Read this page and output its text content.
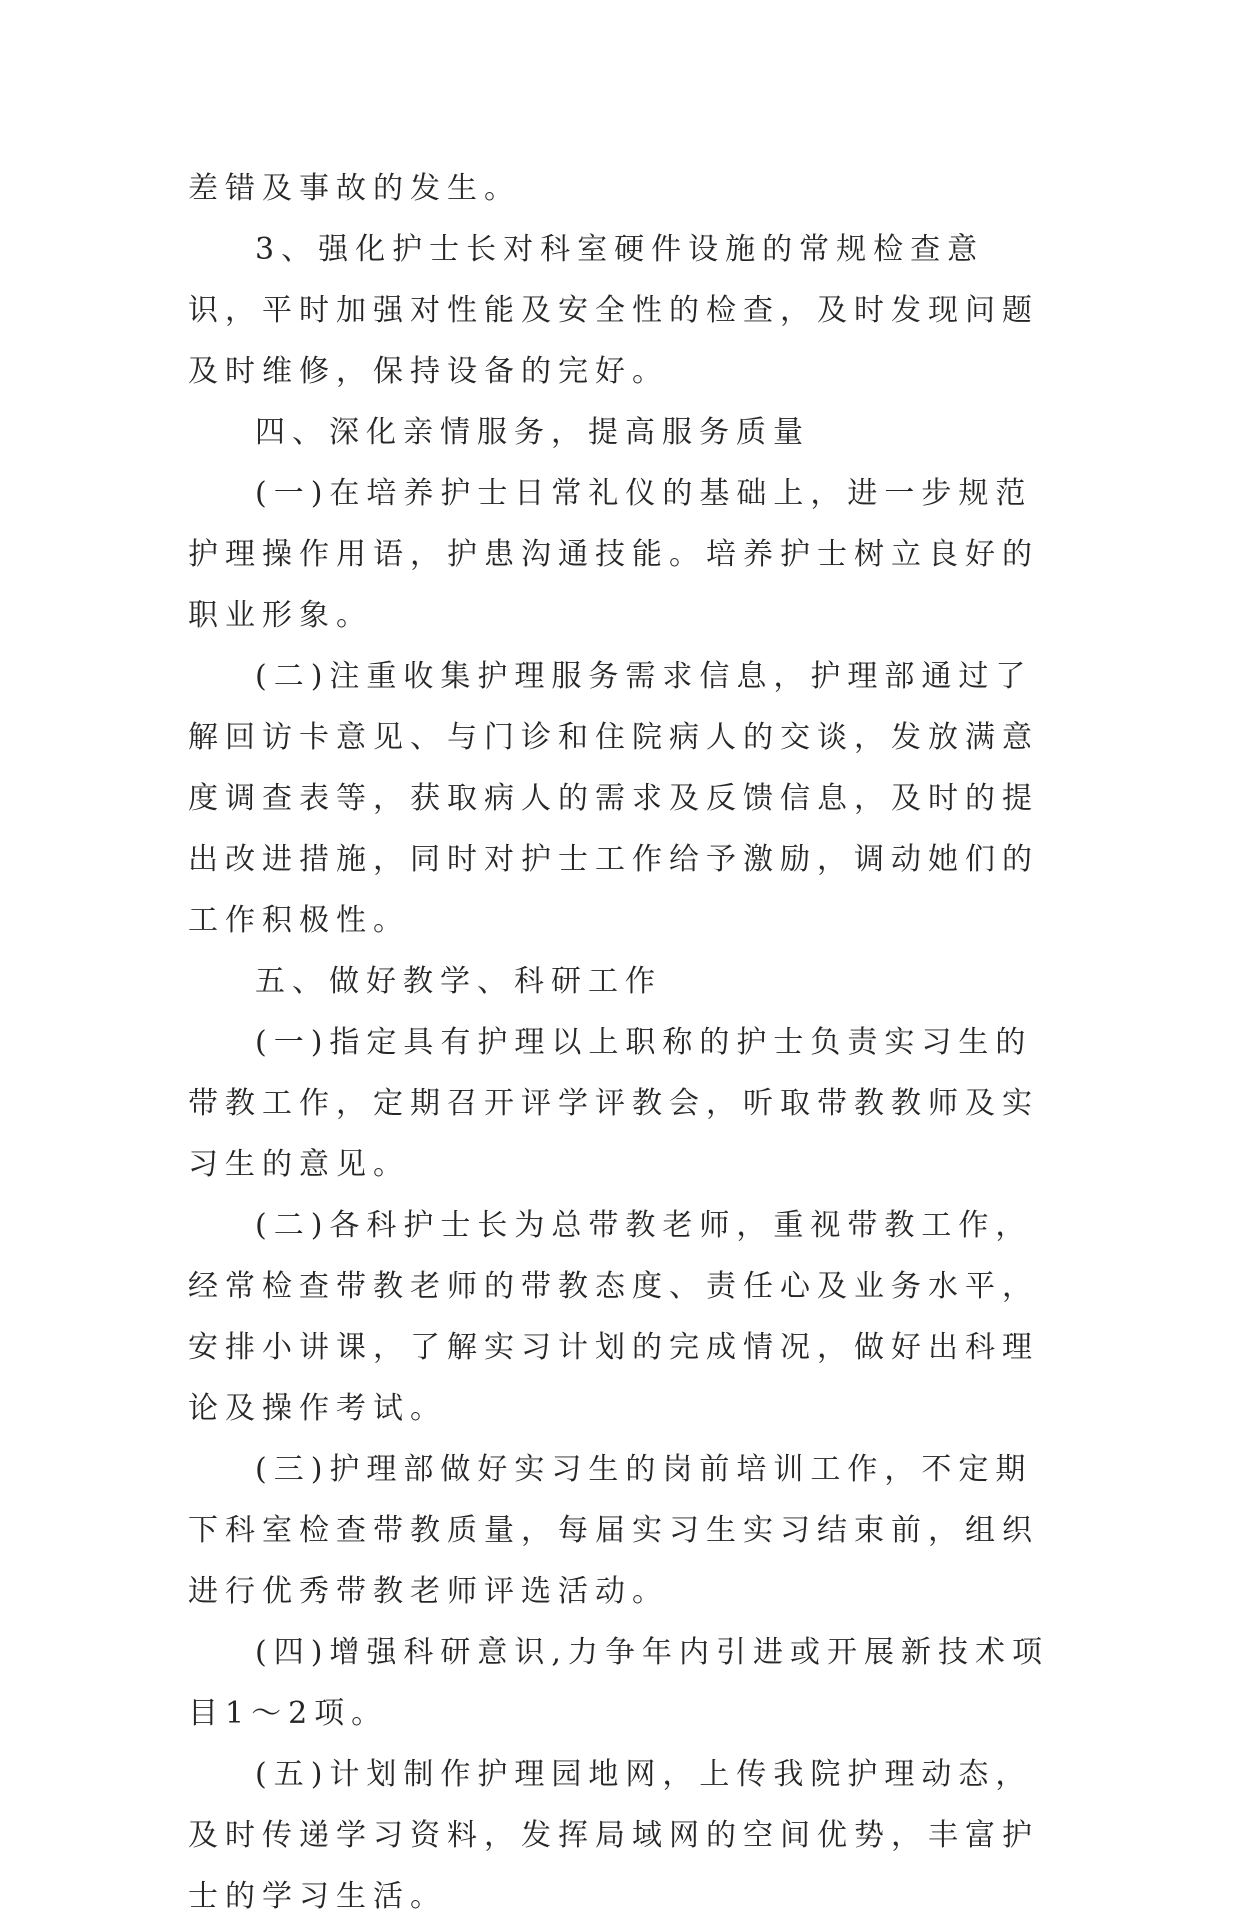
差错及事故的发生。

3、强化护士长对科室硬件设施的常规检查意识，平时加强对性能及安全性的检查，及时发现问题及时维修，保持设备的完好。

四、深化亲情服务，提高服务质量

(一)在培养护士日常礼仪的基础上，进一步规范护理操作用语，护患沟通技能。培养护士树立良好的职业形象。

(二)注重收集护理服务需求信息，护理部通过了解回访卡意见、与门诊和住院病人的交谈，发放满意度调查表等，获取病人的需求及反馈信息，及时的提出改进措施，同时对护士工作给予激励，调动她们的工作积极性。

五、做好教学、科研工作

(一)指定具有护理以上职称的护士负责实习生的带教工作，定期召开评学评教会，听取带教教师及实习生的意见。

(二)各科护士长为总带教老师，重视带教工作，经常检查带教老师的带教态度、责任心及业务水平，安排小讲课，了解实习计划的完成情况，做好出科理论及操作考试。

(三)护理部做好实习生的岗前培训工作，不定期下科室检查带教质量，每届实习生实习结束前，组织进行优秀带教老师评选活动。

(四)增强科研意识,力争年内引进或开展新技术项目1～2项。

(五)计划制作护理园地网，上传我院护理动态，及时传递学习资料，发挥局域网的空间优势，丰富护士的学习生活。
